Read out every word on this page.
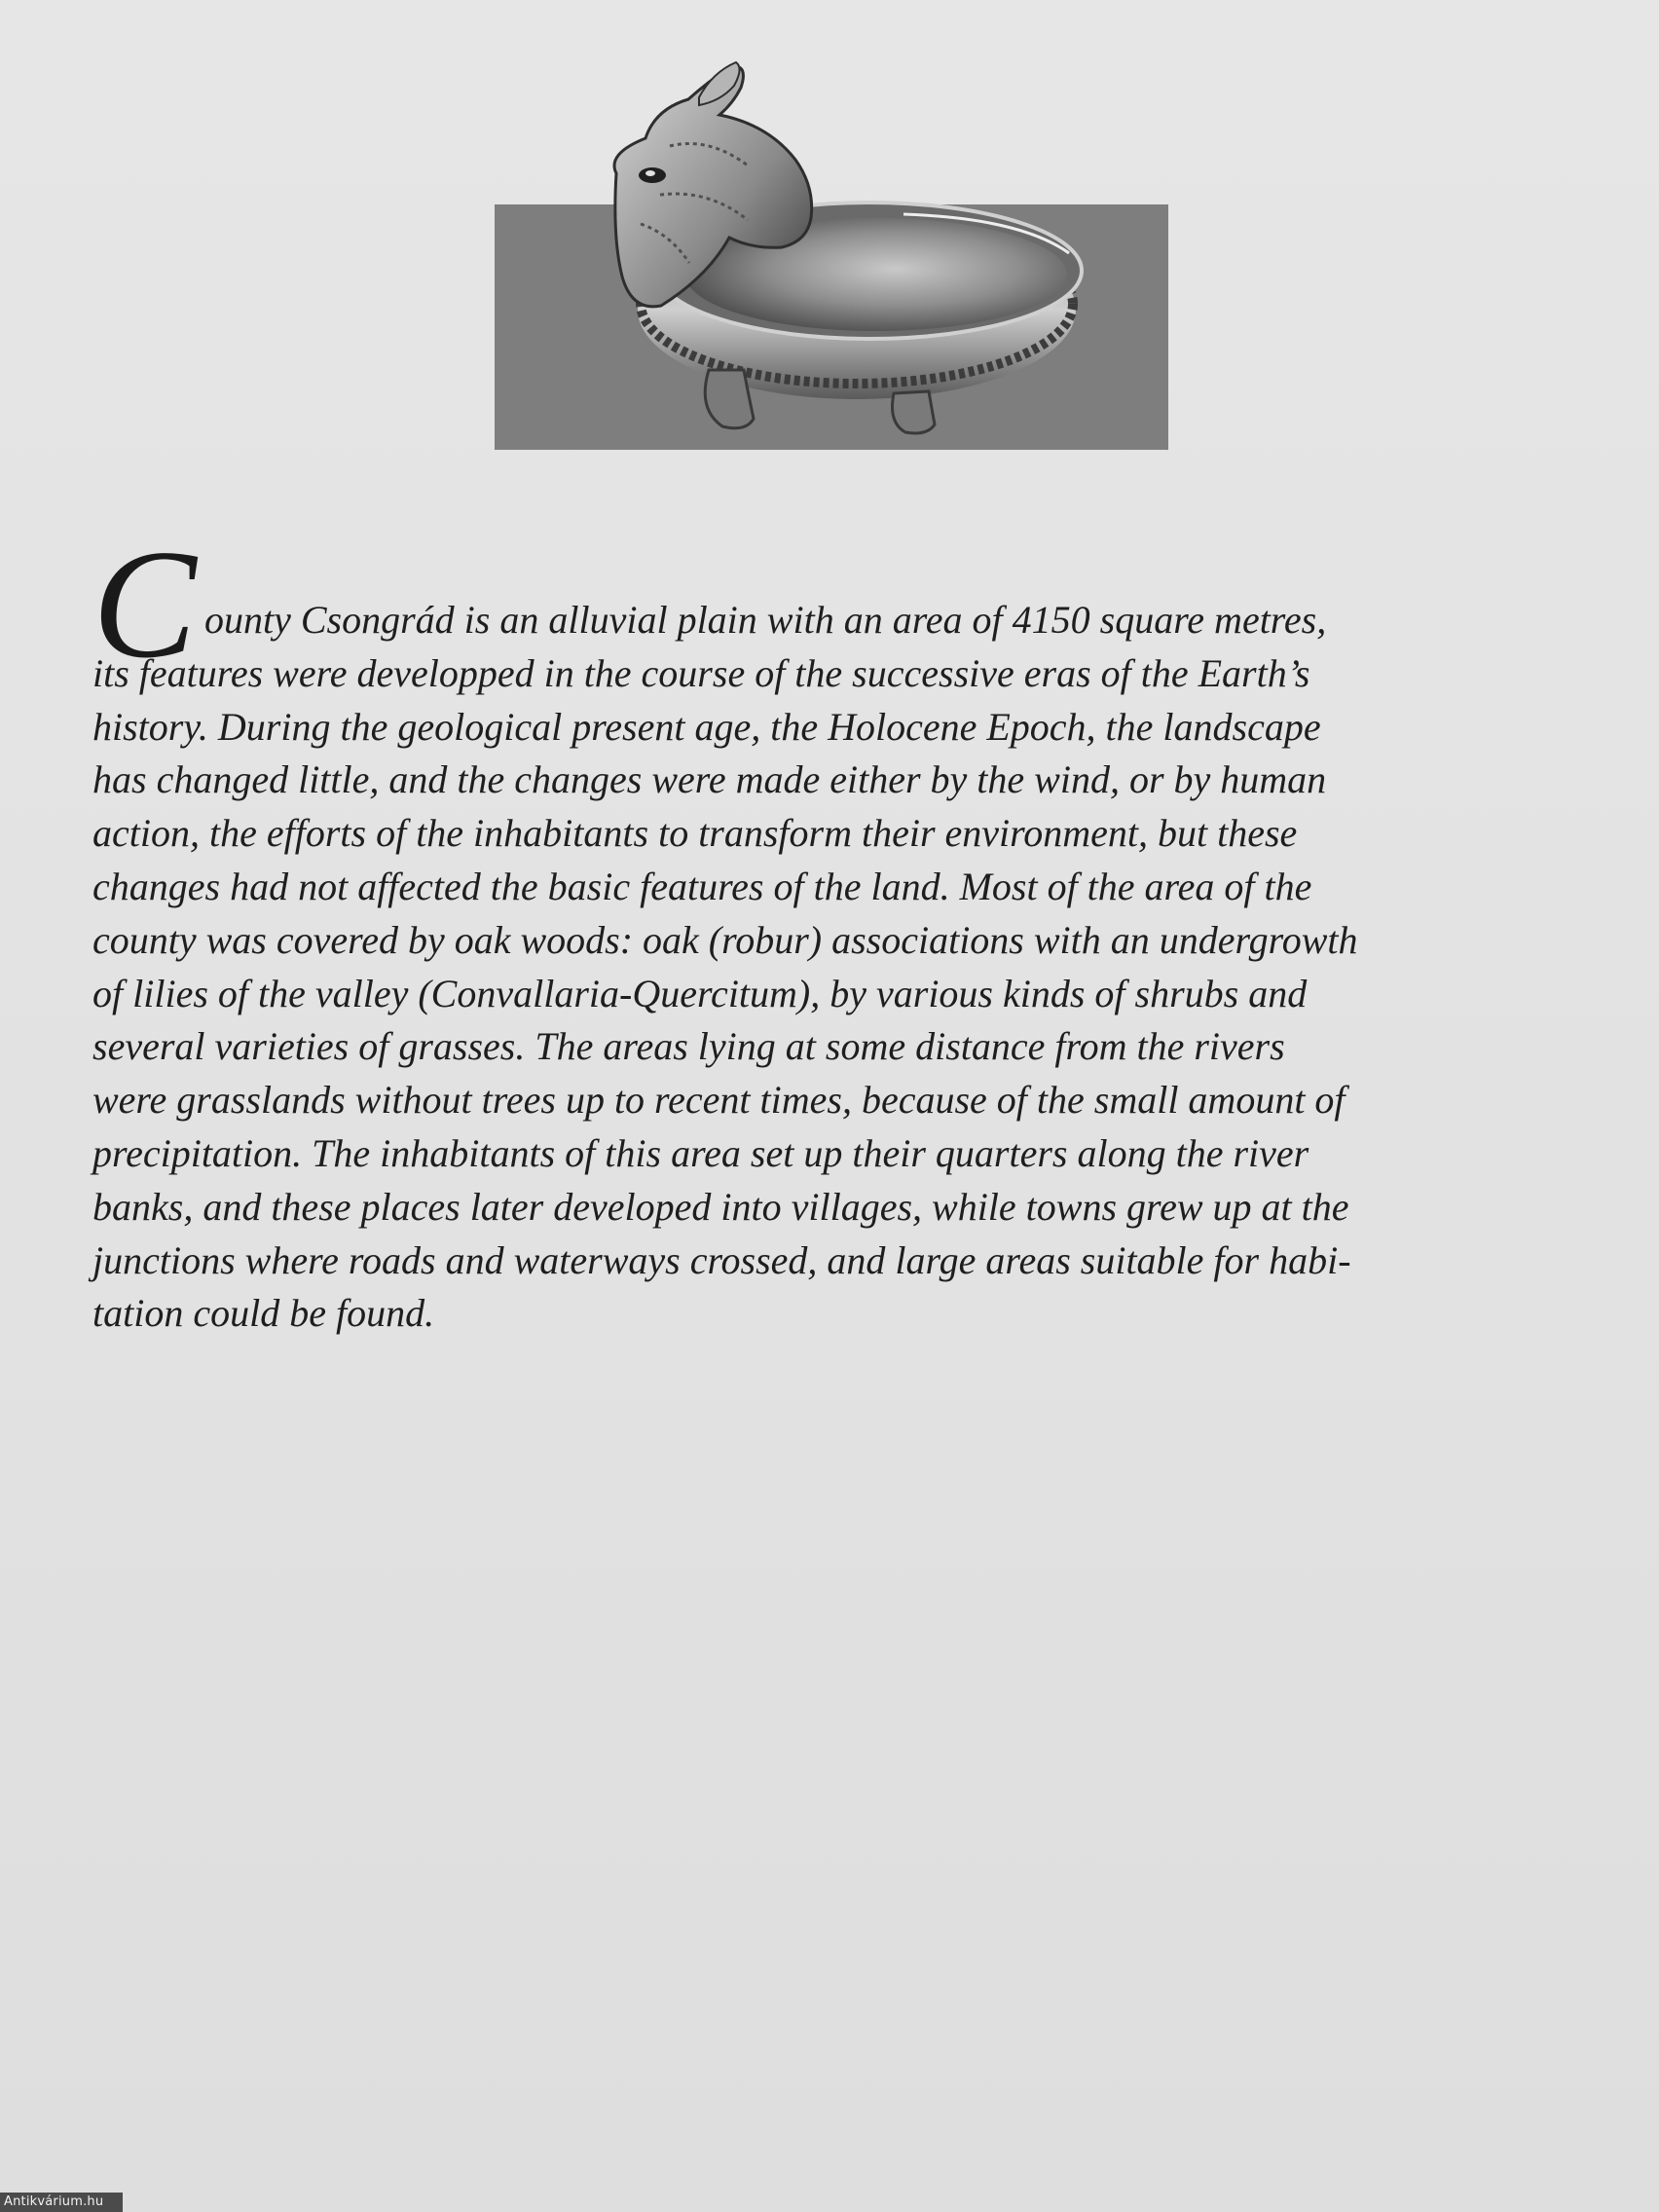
C ounty Csongrád is an alluvial plain with an area of 4150 square metres,
its features were developped in the course of the successive eras of the Earth’s
history. During the geological present age, the Holocene Epoch, the landscape
has changed little, and the changes were made either by the wind, or by human
action, the efforts of the inhabitants to transform their environment, but these
changes had not affected the basic features of the land. Most of the area of the
county was covered by oak woods: oak (robur) associations with an undergrowth
of lilies of the valley (Convallaria-Quercitum), by various kinds of shrubs and
several varieties of grasses. The areas lying at some distance from the rivers
were grasslands without trees up to recent times, because of the small amount of
precipitation. The inhabitants of this area set up their quarters along the river
banks, and these places later developed into villages, while towns grew up at the
junctions where roads and waterways crossed, and large areas suitable for habi-
tation could be found.
Antikvárium.hu
